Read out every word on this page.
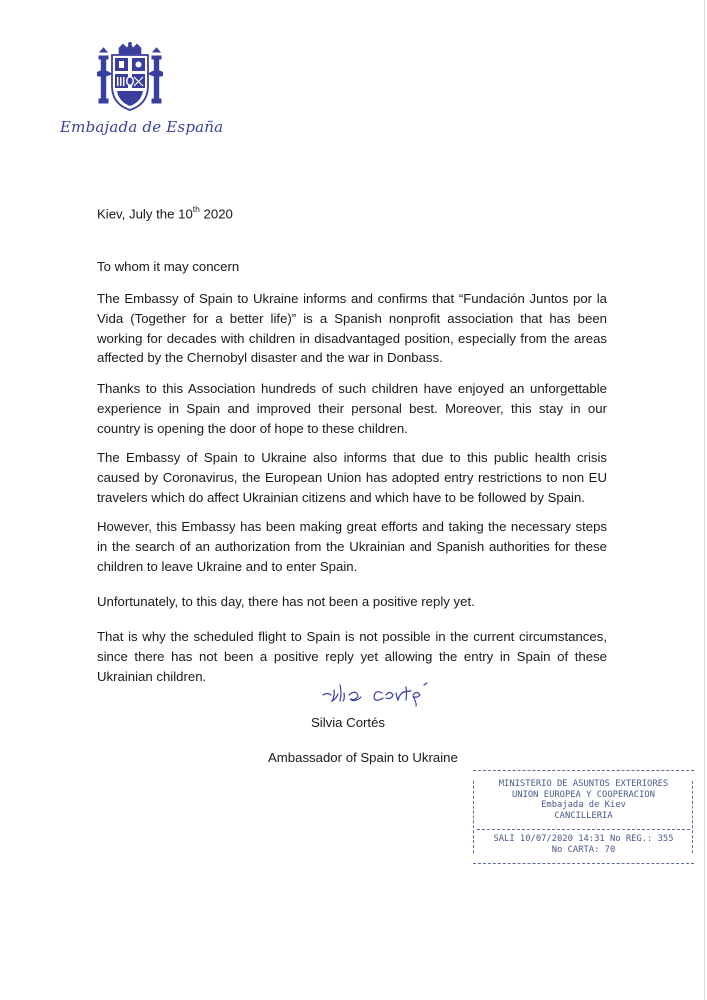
Embajada de España
Kiev, July the 10th 2020
To whom it may concern
The Embassy of Spain to Ukraine informs and confirms that “Fundación Juntos por la Vida (Together for a better life)” is a Spanish nonprofit association that has been working for decades with children in disadvantaged position, especially from the areas affected by the Chernobyl disaster and the war in Donbass.
Thanks to this Association hundreds of such children have enjoyed an unforgettable experience in Spain and improved their personal best. Moreover, this stay in our country is opening the door of hope to these children.
The Embassy of Spain to Ukraine also informs that due to this public health crisis caused by Coronavirus, the European Union has adopted entry restrictions to non EU travelers which do affect Ukrainian citizens and which have to be followed by Spain.
However, this Embassy has been making great efforts and taking the necessary steps in the search of an authorization from the Ukrainian and Spanish authorities for these children to leave Ukraine and to enter Spain.
Unfortunately, to this day, there has not been a positive reply yet.
That is why the scheduled flight to Spain is not possible in the current circumstances, since there has not been a positive reply yet allowing the entry in Spain of these Ukrainian children.
Silvia Cortés
Ambassador of Spain to Ukraine
MINISTERIO DE ASUNTOS EXTERIORES
UNION EUROPEA Y COOPERACION
Embajada de Kiev
CANCILLERIA
SALI 10/07/2020 14:31 No REG.: 355
No CARTA: 70
